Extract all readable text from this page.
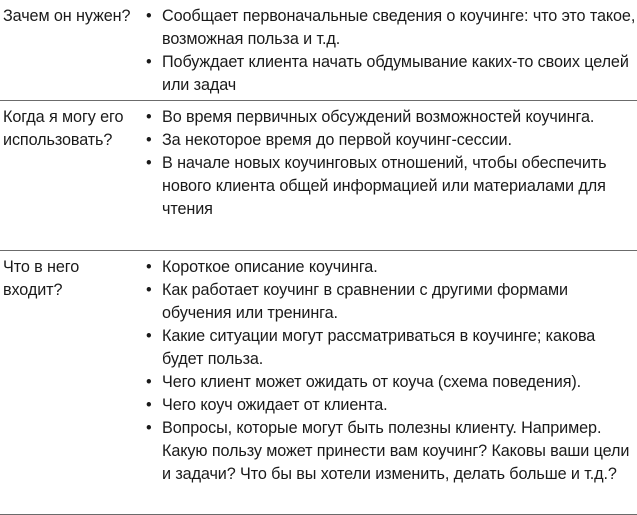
Зачем он нужен? • Сообщает первоначальные сведения о коучинге: что это такое, возможная польза и т.д.
• Побуждает клиента начать обдумывание каких-то своих целей или задач
Когда я могу его использовать?
• Во время первичных обсуждений возможностей коучинга.
• За некоторое время до первой коучинг-сессии.
• В начале новых коучинговых отношений, чтобы обеспечить нового клиента общей информацией или материалами для чтения
Что в него входит?
• Короткое описание коучинга.
• Как работает коучинг в сравнении с другими формами обучения или тренинга.
• Какие ситуации могут рассматриваться в коучинге; какова будет польза.
• Чего клиент может ожидать от коуча (схема поведения).
• Чего коуч ожидает от клиента.
• Вопросы, которые могут быть полезны клиенту. Например. Какую пользу может принести вам коучинг? Каковы ваши цели и задачи? Что бы вы хотели изменить, делать больше и т.д.?
